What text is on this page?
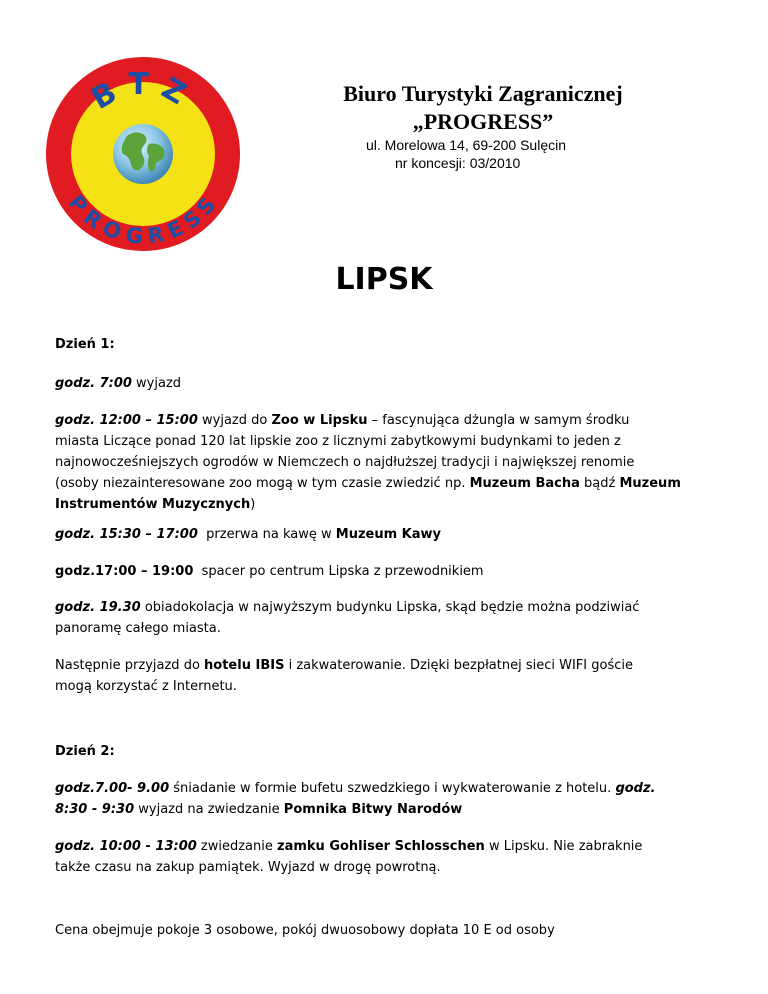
BTZ
PROGRESS
Biuro Turystyki Zagranicznej
„PROGRESS”
ul. Morelowa 14, 69-200 Sulęcin
nr koncesji: 03/2010
LIPSK
Dzień 1:
godz. 7:00 wyjazd
godz. 12:00 – 15:00 wyjazd do Zoo w Lipsku – fascynująca dżungla w samym środku
miasta Liczące ponad 120 lat lipskie zoo z licznymi zabytkowymi budynkami to jeden z
najnowocześniejszych ogrodów w Niemczech o najdłuższej tradycji i największej renomie
(osoby niezainteresowane zoo mogą w tym czasie zwiedzić np. Muzeum Bacha bądź Muzeum
Instrumentów Muzycznych)
godz. 15:30 – 17:00  przerwa na kawę w Muzeum Kawy
godz.17:00 – 19:00  spacer po centrum Lipska z przewodnikiem
godz. 19.30 obiadokolacja w najwyższym budynku Lipska, skąd będzie można podziwiać
panoramę całego miasta.
Następnie przyjazd do hotelu IBIS i zakwaterowanie. Dzięki bezpłatnej sieci WIFI goście
mogą korzystać z Internetu.
Dzień 2:
godz.7.00- 9.00 śniadanie w formie bufetu szwedzkiego i wykwaterowanie z hotelu. godz.
8:30 - 9:30 wyjazd na zwiedzanie Pomnika Bitwy Narodów
godz. 10:00 - 13:00 zwiedzanie zamku Gohliser Schlosschen w Lipsku. Nie zabraknie
także czasu na zakup pamiątek. Wyjazd w drogę powrotną.
Cena obejmuje pokoje 3 osobowe, pokój dwuosobowy dopłata 10 E od osoby
